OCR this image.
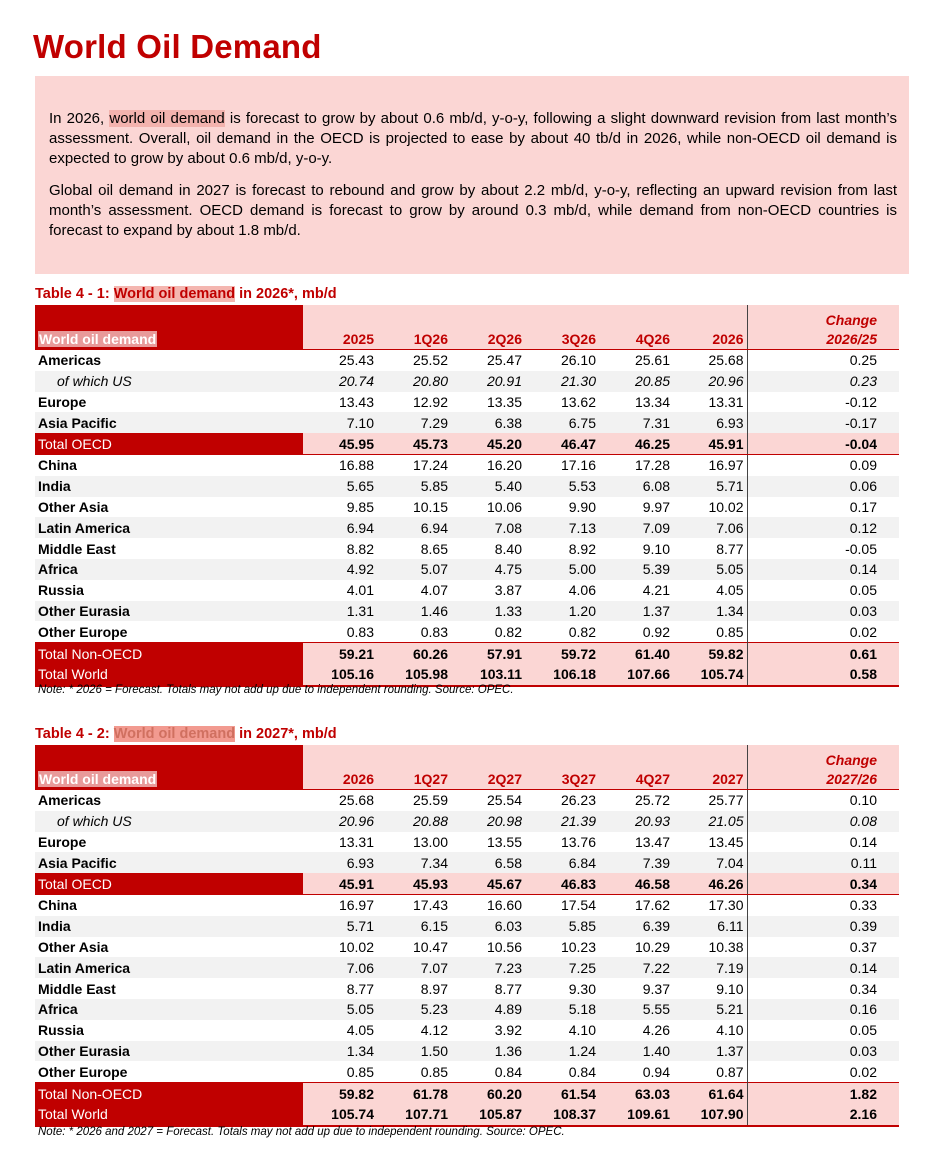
World Oil Demand

In 2026, world oil demand is forecast to grow by about 0.6 mb/d, y-o-y, following a slight downward revision from last month’s assessment. Overall, oil demand in the OECD is projected to ease by about 40 tb/d in 2026, while non-OECD oil demand is expected to grow by about 0.6 mb/d, y-o-y.

Global oil demand in 2027 is forecast to rebound and grow by about 2.2 mb/d, y-o-y, reflecting an upward revision from last month’s assessment. OECD demand is forecast to grow by around 0.3 mb/d, while demand from non-OECD countries is forecast to expand by about 1.8 mb/d.

Table 4 - 1: World oil demand in 2026*, mb/d
World oil demand	2025	1Q26	2Q26	3Q26	4Q26	2026	Change
2026/25

Americas	25.43	25.52	25.47	26.10	25.61	25.68	0.25
of which US	20.74	20.80	20.91	21.30	20.85	20.96	0.23
Europe	13.43	12.92	13.35	13.62	13.34	13.31	-0.12
Asia Pacific	7.10	7.29	6.38	6.75	7.31	6.93	-0.17
Total OECD	45.95	45.73	45.20	46.47	46.25	45.91	-0.04
China	16.88	17.24	16.20	17.16	17.28	16.97	0.09
India	5.65	5.85	5.40	5.53	6.08	5.71	0.06
Other Asia	9.85	10.15	10.06	9.90	9.97	10.02	0.17
Latin America	6.94	6.94	7.08	7.13	7.09	7.06	0.12
Middle East	8.82	8.65	8.40	8.92	9.10	8.77	-0.05
Africa	4.92	5.07	4.75	5.00	5.39	5.05	0.14
Russia	4.01	4.07	3.87	4.06	4.21	4.05	0.05
Other Eurasia	1.31	1.46	1.33	1.20	1.37	1.34	0.03
Other Europe	0.83	0.83	0.82	0.82	0.92	0.85	0.02
Total Non-OECD	59.21	60.26	57.91	59.72	61.40	59.82	0.61
Total World	105.16	105.98	103.11	106.18	107.66	105.74	0.58
Note: * 2026 = Forecast. Totals may not add up due to independent rounding. Source: OPEC.
Table 4 - 2: World oil demand in 2027*, mb/d
World oil demand	2026	1Q27	2Q27	3Q27	4Q27	2027	Change
2027/26

Americas	25.68	25.59	25.54	26.23	25.72	25.77	0.10
of which US	20.96	20.88	20.98	21.39	20.93	21.05	0.08
Europe	13.31	13.00	13.55	13.76	13.47	13.45	0.14
Asia Pacific	6.93	7.34	6.58	6.84	7.39	7.04	0.11
Total OECD	45.91	45.93	45.67	46.83	46.58	46.26	0.34
China	16.97	17.43	16.60	17.54	17.62	17.30	0.33
India	5.71	6.15	6.03	5.85	6.39	6.11	0.39
Other Asia	10.02	10.47	10.56	10.23	10.29	10.38	0.37
Latin America	7.06	7.07	7.23	7.25	7.22	7.19	0.14
Middle East	8.77	8.97	8.77	9.30	9.37	9.10	0.34
Africa	5.05	5.23	4.89	5.18	5.55	5.21	0.16
Russia	4.05	4.12	3.92	4.10	4.26	4.10	0.05
Other Eurasia	1.34	1.50	1.36	1.24	1.40	1.37	0.03
Other Europe	0.85	0.85	0.84	0.84	0.94	0.87	0.02
Total Non-OECD	59.82	61.78	60.20	61.54	63.03	61.64	1.82
Total World	105.74	107.71	105.87	108.37	109.61	107.90	2.16
Note: * 2026 and 2027 = Forecast. Totals may not add up due to independent rounding. Source: OPEC.
